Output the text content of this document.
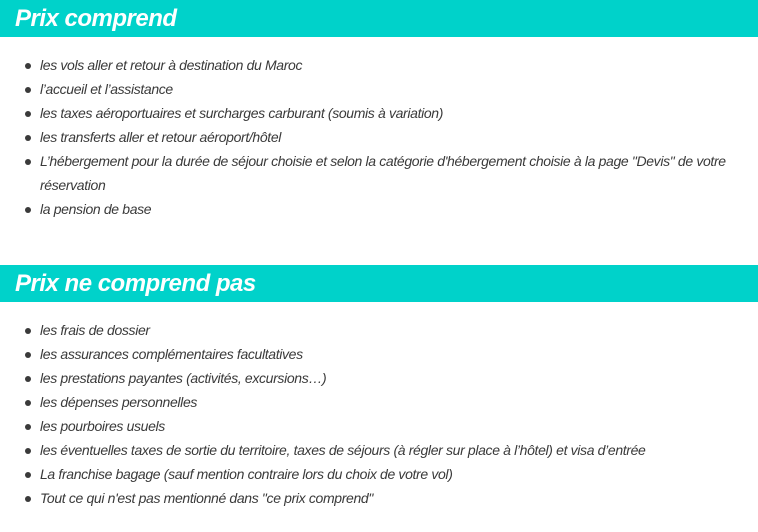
Prix comprend
les vols aller et retour à destination du Maroc
l’accueil et l’assistance
les taxes aéroportuaires et surcharges carburant (soumis à variation)
les transferts aller et retour aéroport/hôtel
L’hébergement pour la durée de séjour choisie et selon la catégorie d'hébergement choisie à la page "Devis" de votre réservation
la pension de base
Prix ne comprend pas
les frais de dossier
les assurances complémentaires facultatives
les prestations payantes (activités, excursions…)
les dépenses personnelles
les pourboires usuels
les éventuelles taxes de sortie du territoire, taxes de séjours (à régler sur place à l’hôtel) et visa d’entrée
La franchise bagage (sauf mention contraire lors du choix de votre vol)
Tout ce qui n'est pas mentionné dans "ce prix comprend"
